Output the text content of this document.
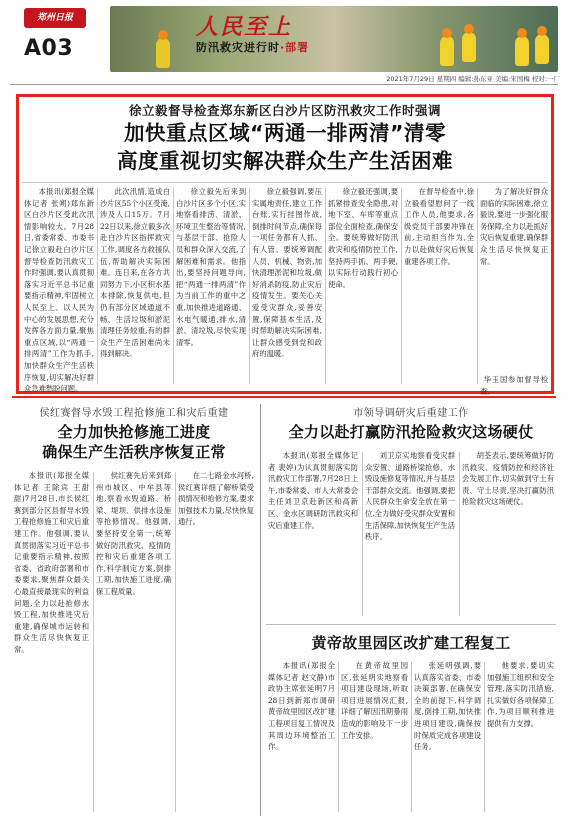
郑州日报
A03
人民至上
防汛救灾进行时·部署
2021年7月29日 星期四 编辑:孙东亚 美编:宋国梅 校对:一厂
徐立毅督导检查郑东新区白沙片区防汛救灾工作时强调
加快重点区域“两通一排两清”清零
高度重视切实解决群众生产生活困难

本报讯(郑报全媒体记者 张朔)郑东新区白沙片区受此次汛情影响较大。7月28日,省委常委、市委书记徐立毅赴白沙片区督导检查防汛救灾工作时强调,要认真贯彻落实习近平总书记重要指示精神,牢固树立人民至上、以人民为中心的发展思想,充分发挥各方面力量,聚焦重点区域,以“两通一排两清”工作为抓手,加快群众生产生活秩序恢复,切实解决好群众急难愁盼问题。

此次汛情,造成白沙片区55个小区受淹,涉及人口15万。7月22日以来,徐立毅多次赴白沙片区指挥救灾工作,调度各方救援队伍,帮助解决实际困难。连日来,在各方共同努力下,小区积水基本排除,恢复供电,但仍有部分区域通道不畅、生活垃圾和淤泥清理任务较重,有的群众生产生活困难尚未得到解决。

徐立毅先后来到白沙片区多个小区,实地察看排涝、清淤、环境卫生整治等情况,与基层干部、抢险人员和群众深入交流,了解困难和需求。他指出,要坚持问题导向,把“两通一排两清”作为当前工作的重中之重,加快推进道路通、水电气暖通,排水,清淤、清垃圾,尽快实现清零。

徐立毅强调,要压实属地责任,建立工作台账,实行挂图作战,倒排时间节点,确保每一项任务都有人抓、有人管。要统筹调配人员、机械、物资,加快清理淤泥和垃圾,做好消杀防疫,防止灾后疫情发生。要关心关爱受灾群众,妥善安置,保障基本生活,及时帮助解决实际困难,让群众感受到党和政府的温暖。

徐立毅还强调,要抓紧排查安全隐患,对地下室、车库等重点部位全面检查,确保安全。要统筹做好防汛救灾和疫情防控工作,坚持两手抓、两手硬,以实际行动践行初心使命。

在督导检查中,徐立毅看望慰问了一线工作人员,他要求,各级党员干部要冲锋在前,主动担当作为,全力以赴做好灾后恢复重建各项工作。

为了解决好群众面临的实际困难,徐立毅说,要进一步强化服务保障,全力以赴抓好灾后恢复重建,确保群众生活尽快恢复正常。

华玉国参加督导检查。

侯红赛督导水毁工程抢修施工和灾后重建
全力加快抢修施工进度
确保生产生活秩序恢复正常

本报讯(郑报全媒体记者 王除宾 王甜甜)7月28日,市长侯红赛到部分区县督导水毁工程抢修施工和灾后重建工作。他强调,要认真贯彻落实习近平总书记重要指示精神,按照省委、省政府部署和市委要求,聚焦群众最关心最直接最现实的利益问题,全力以赴抢修水毁工程,加快推进灾后重建,确保城市运转和群众生活尽快恢复正常。

侯红赛先后来到郑州市城区、中牟县等地,察看水毁道路、桥梁、堤坝、供排水设施等抢修情况。他强调,要坚持安全第一,统筹做好防汛救灾、疫情防控和灾后重建各项工作,科学制定方案,倒排工期,加快施工进度,确保工程质量。

在二七路金水河桥,侯红赛详细了解桥梁受损情况和抢修方案,要求加强技术力量,尽快恢复通行。

市领导调研灾后重建工作
全力以赴打赢防汛抢险救灾这场硬仗

本报讯(郑报全媒体记者 裴婷)为认真贯彻落实防汛救灾工作部署,7月28日上午,市委常委、市人大常委会主任刘卫京赴新区和高新区、金水区调研防汛救灾和灾后重建工作。

刘卫京实地察看受灾群众安置、道路桥梁抢修、水毁设施修复等情况,并与基层干部群众交流。他强调,要把人民群众生命安全放在第一位,全力做好受灾群众安置和生活保障,加快恢复生产生活秩序。

胡荃表示,要统筹做好防汛救灾、疫情防控和经济社会发展工作,切实做到守土有责、守土尽责,坚决打赢防汛抢险救灾这场硬仗。

黄帝故里园区改扩建工程复工

本报讯(郑报全媒体记者 赵文静)市政协主席张延明7月28日到新郑市调研黄帝故里园区改扩建工程项目复工情况及其周边环境整治工作。

在黄帝故里园区,张延明实地察看项目建设现场,听取项目进展情况汇报,详细了解因汛期暴雨造成的影响及下一步工作安排。

张延明强调,要认真落实省委、市委决策部署,在确保安全的前提下,科学调度,倒排工期,加快推进项目建设,确保按时保质完成各项建设任务。

他要求,要切实加强施工组织和安全管理,落实防汛措施,扎实做好各项保障工作,为项目顺利推进提供有力支撑。
